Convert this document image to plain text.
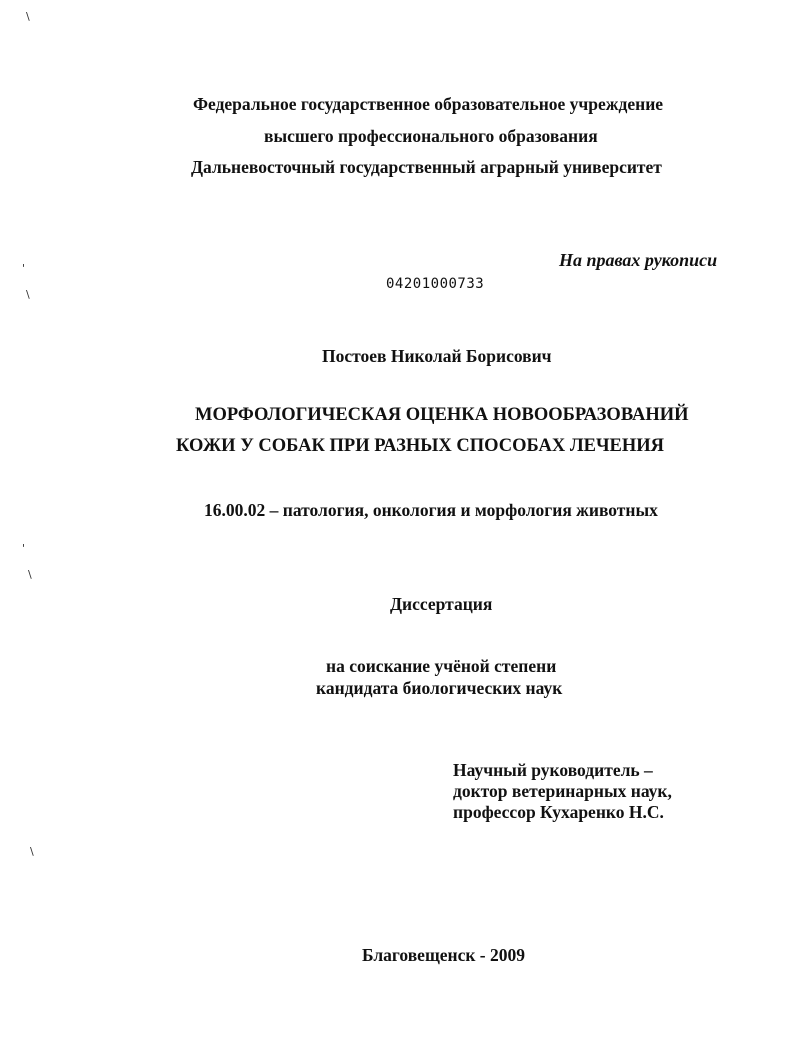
\
'
\
'
\
\
Федеральное государственное образовательное учреждение
высшего профессионального образования
Дальневосточный государственный аграрный университет
На правах рукописи
04201000733
Постоев Николай Борисович
МОРФОЛОГИЧЕСКАЯ ОЦЕНКА НОВООБРАЗОВАНИЙ
КОЖИ У СОБАК ПРИ РАЗНЫХ СПОСОБАХ ЛЕЧЕНИЯ
16.00.02 – патология, онкология и морфология животных
Диссертация
на соискание учёной степени
кандидата биологических наук
Научный руководитель –
доктор ветеринарных наук,
профессор Кухаренко Н.С.
Благовещенск - 2009
